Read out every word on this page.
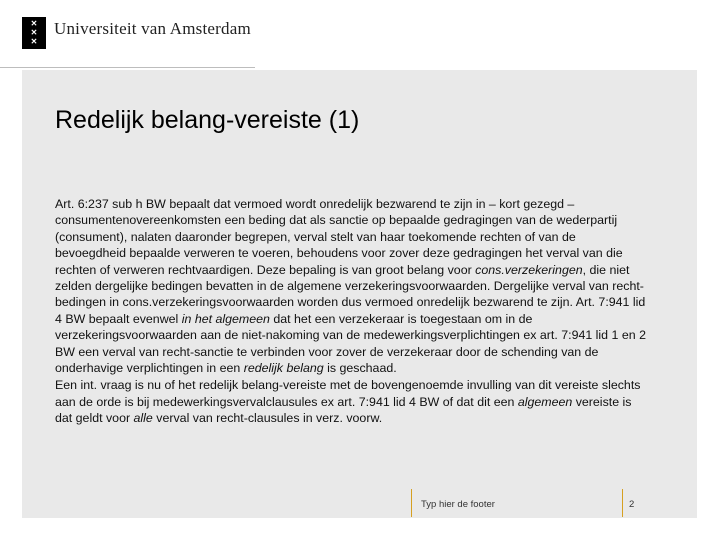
✕
✕
✕
Universiteit van Amsterdam
Redelijk belang-vereiste (1)

Art. 6:237 sub h BW bepaalt dat vermoed wordt onredelijk bezwarend te zijn in – kort gezegd – consumentenovereenkomsten een beding dat als sanctie op bepaalde gedragingen van de wederpartij (consument), nalaten daaronder begrepen, verval stelt van haar toekomende rechten of van de bevoegdheid bepaalde verweren te voeren, behoudens voor zover deze gedragingen het verval van die rechten of verweren rechtvaardigen. Deze bepaling is van groot belang voor cons.verzekeringen, die niet zelden dergelijke bedingen bevatten in de algemene verzekeringsvoorwaarden. Dergelijke verval van recht-bedingen in cons.verzekeringsvoorwaarden worden dus vermoed onredelijk bezwarend te zijn. Art. 7:941 lid 4 BW bepaalt evenwel in het algemeen dat het een verzekeraar is toegestaan om in de verzekeringsvoorwaarden aan de niet-nakoming van de medewerkingsverplichtingen ex art. 7:941 lid 1 en 2 BW een verval van recht-sanctie te verbinden voor zover de verzekeraar door de schending van de onderhavige verplichtingen in een redelijk belang is geschaad.

Een int. vraag is nu of het redelijk belang-vereiste met de bovengenoemde invulling van dit vereiste slechts aan de orde is bij medewerkingsvervalclausules ex art. 7:941 lid 4 BW of dat dit een algemeen vereiste is dat geldt voor alle verval van recht-clausules in verz. voorw.

Typ hier de footer	2
